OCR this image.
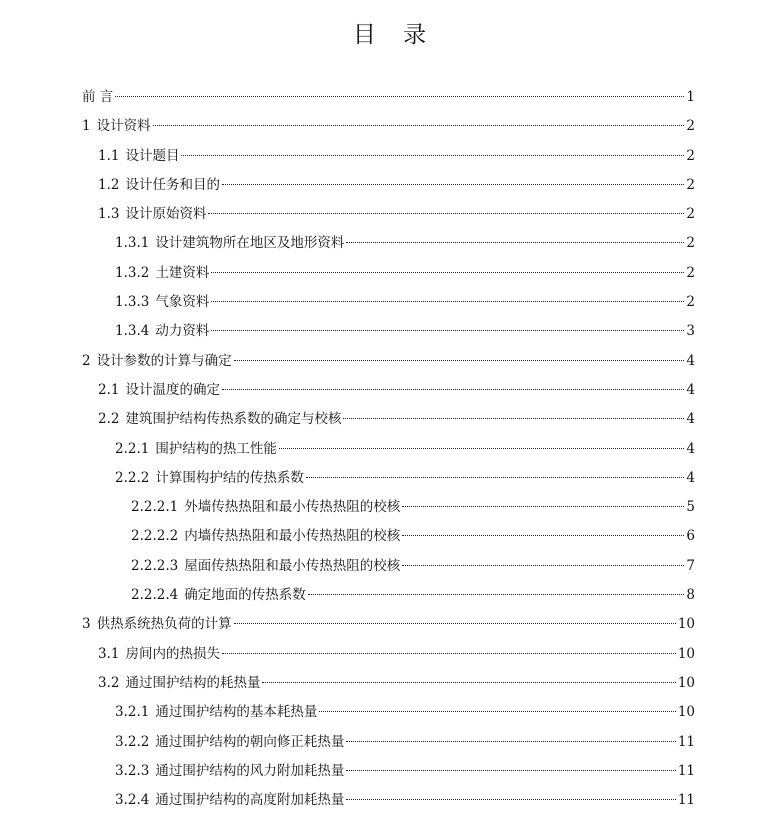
目 录
前 言	1
1 设计资料	2
1.1 设计题目	2
1.2 设计任务和目的	2
1.3 设计原始资料	2
1.3.1 设计建筑物所在地区及地形资料	2
1.3.2 土建资料	2
1.3.3 气象资料	2
1.3.4 动力资料	3
2 设计参数的计算与确定	4
2.1 设计温度的确定	4
2.2 建筑围护结构传热系数的确定与校核	4
2.2.1 围护结构的热工性能	4
2.2.2 计算围构护结的传热系数	4
2.2.2.1 外墙传热热阻和最小传热热阻的校核	5
2.2.2.2 内墙传热热阻和最小传热热阻的校核	6
2.2.2.3 屋面传热热阻和最小传热热阻的校核	7
2.2.2.4 确定地面的传热系数	8
3 供热系统热负荷的计算	10
3.1 房间内的热损失	10
3.2 通过围护结构的耗热量	10
3.2.1 通过围护结构的基本耗热量	10
3.2.2 通过围护结构的朝向修正耗热量	11
3.2.3 通过围护结构的风力附加耗热量	11
3.2.4 通过围护结构的高度附加耗热量	11
